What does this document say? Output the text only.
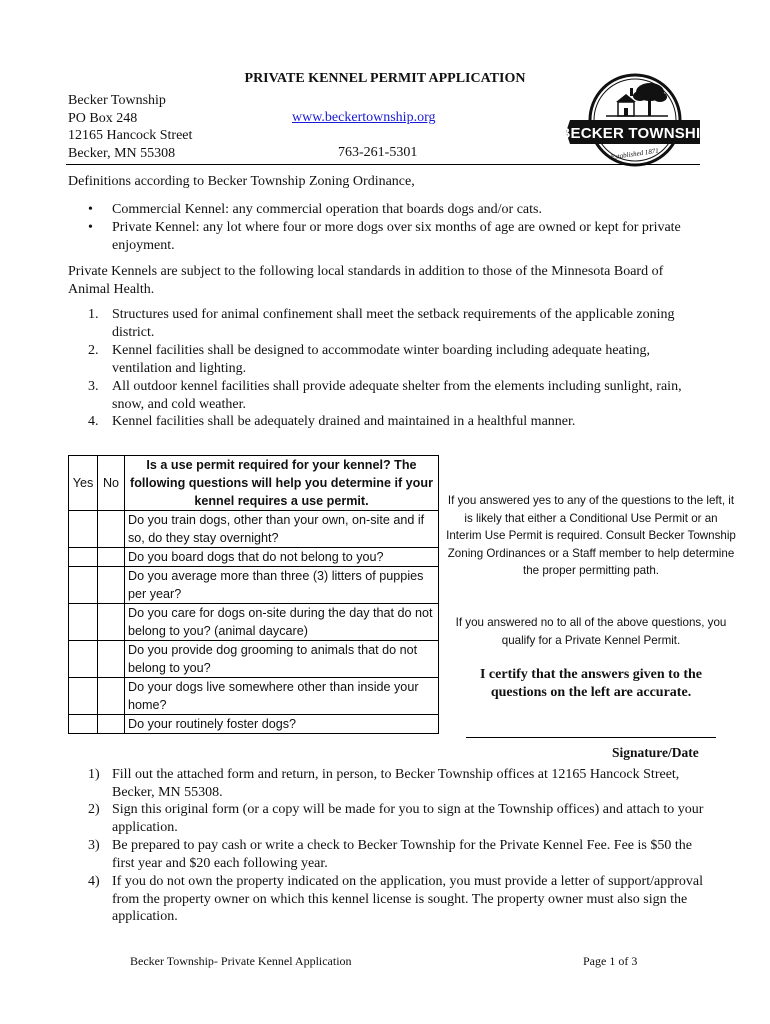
PRIVATE KENNEL PERMIT APPLICATION
Becker Township
PO Box 248
12165 Hancock Street
Becker, MN 55308
www.beckertownship.org
763-261-5301
BECKER TOWNSHIP
Established 1871
Definitions according to Becker Township Zoning Ordinance,
• Commercial Kennel: any commercial operation that boards dogs and/or cats.
• Private Kennel: any lot where four or more dogs over six months of age are owned or kept for private enjoyment.
Private Kennels are subject to the following local standards in addition to those of the Minnesota Board of Animal Health.
1. Structures used for animal confinement shall meet the setback requirements of the applicable zoning district.
2. Kennel facilities shall be designed to accommodate winter boarding including adequate heating, ventilation and lighting.
3. All outdoor kennel facilities shall provide adequate shelter from the elements including sunlight, rain, snow, and cold weather.
4. Kennel facilities shall be adequately drained and maintained in a healthful manner.
Yes	No	Is a use permit required for your kennel? The following questions will help you determine if your kennel requires a use permit.
		Do you train dogs, other than your own, on-site and if so, do they stay overnight?
		Do you board dogs that do not belong to you?
		Do you average more than three (3) litters of puppies per year?
		Do you care for dogs on-site during the day that do not belong to you? (animal daycare)
		Do you provide dog grooming to animals that do not belong to you?
		Do your dogs live somewhere other than inside your home?
		Do your routinely foster dogs?
If you answered yes to any of the questions to the left, it is likely that either a Conditional Use Permit or an Interim Use Permit is required. Consult Becker Township Zoning Ordinances or a Staff member to help determine the proper permitting path.
If you answered no to all of the above questions, you qualify for a Private Kennel Permit.
I certify that the answers given to the questions on the left are accurate.
Signature/Date
1) Fill out the attached form and return, in person, to Becker Township offices at 12165 Hancock Street, Becker, MN 55308.
2) Sign this original form (or a copy will be made for you to sign at the Township offices) and attach to your application.
3) Be prepared to pay cash or write a check to Becker Township for the Private Kennel Fee. Fee is $50 the first year and $20 each following year.
4) If you do not own the property indicated on the application, you must provide a letter of support/approval from the property owner on which this kennel license is sought. The property owner must also sign the application.
Becker Township- Private Kennel Application	Page 1 of 3
